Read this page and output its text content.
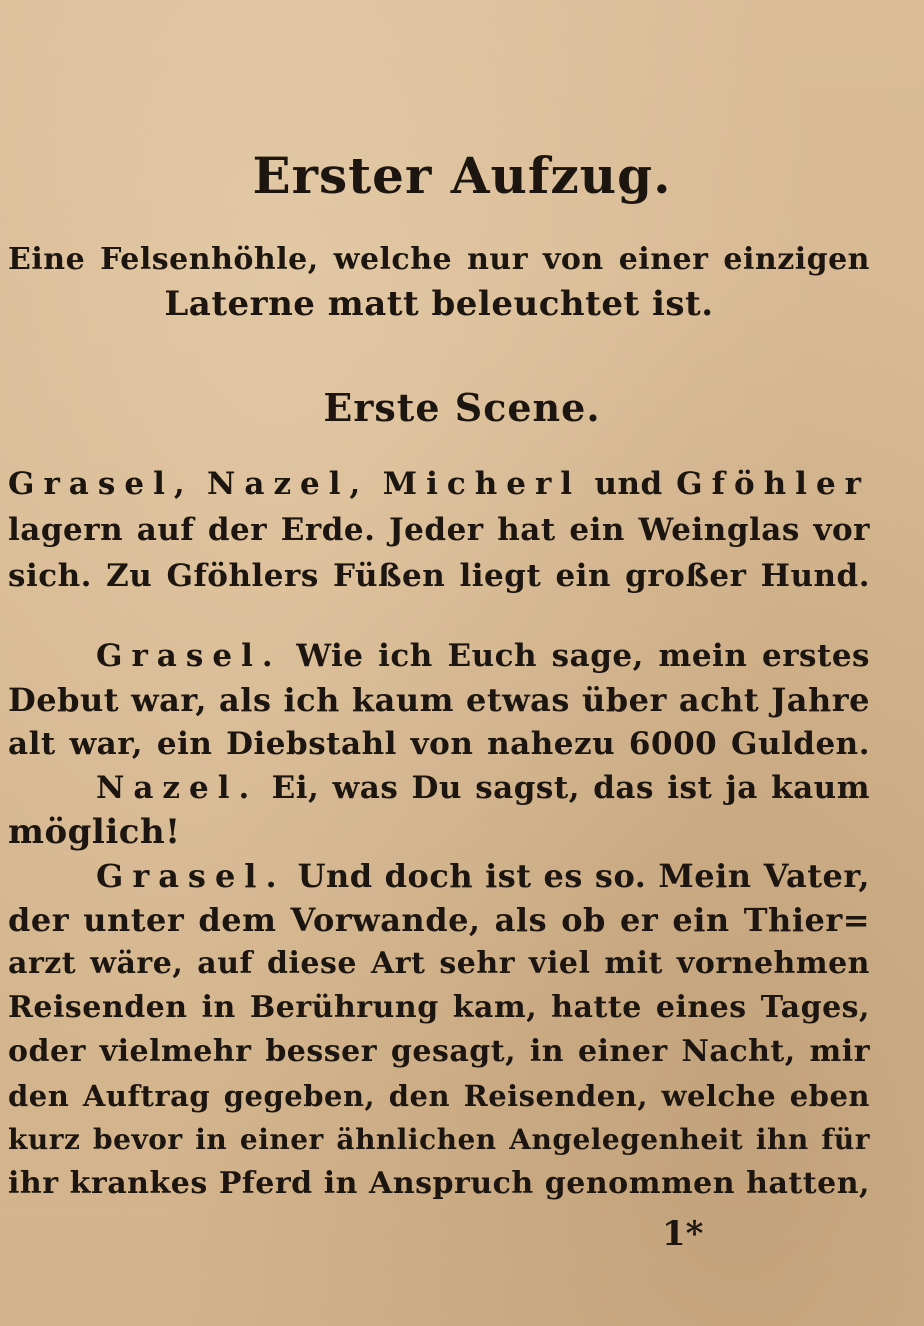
Erster Aufzug.
Eine Felsenhöhle, welche nur von einer einzigen
Laterne matt beleuchtet ist.
Erste Scene.
Grasel, Nazel, Micherl und Gföhler
lagern auf der Erde. Jeder hat ein Weinglas vor
sich. Zu Gföhlers Füßen liegt ein großer Hund.
Grasel. Wie ich Euch sage, mein erstes
Debut war, als ich kaum etwas über acht Jahre
alt war, ein Diebstahl von nahezu 6000 Gulden.
Nazel. Ei, was Du sagst, das ist ja kaum
möglich!
Grasel. Und doch ist es so. Mein Vater,
der unter dem Vorwande, als ob er ein Thier=
arzt wäre, auf diese Art sehr viel mit vornehmen
Reisenden in Berührung kam, hatte eines Tages,
oder vielmehr besser gesagt, in einer Nacht, mir
den Auftrag gegeben, den Reisenden, welche eben
kurz bevor in einer ähnlichen Angelegenheit ihn für
ihr krankes Pferd in Anspruch genommen hatten,
1*
